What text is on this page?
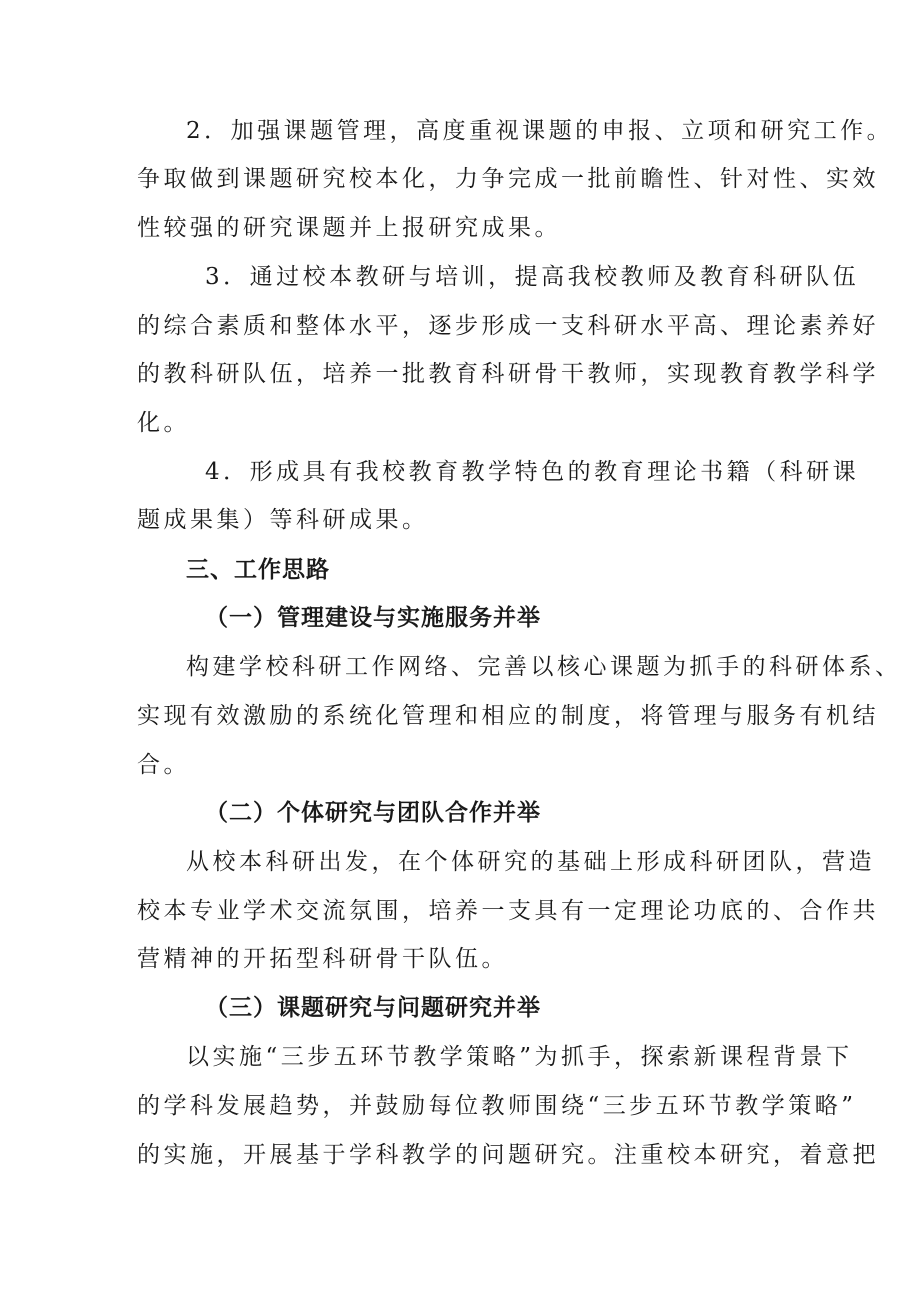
2．加强课题管理，高度重视课题的申报、立项和研究工作。

争取做到课题研究校本化，力争完成一批前瞻性、针对性、实效

性较强的研究课题并上报研究成果。

3．通过校本教研与培训，提高我校教师及教育科研队伍

的综合素质和整体水平，逐步形成一支科研水平高、理论素养好

的教科研队伍，培养一批教育科研骨干教师，实现教育教学科学

化。

4．形成具有我校教育教学特色的教育理论书籍（科研课

题成果集）等科研成果。

三、工作思路

（一）管理建设与实施服务并举

构建学校科研工作网络、完善以核心课题为抓手的科研体系、

实现有效激励的系统化管理和相应的制度，将管理与服务有机结

合。

（二）个体研究与团队合作并举

从校本科研出发，在个体研究的基础上形成科研团队，营造

校本专业学术交流氛围，培养一支具有一定理论功底的、合作共

营精神的开拓型科研骨干队伍。

（三）课题研究与问题研究并举

以实施“三步五环节教学策略”为抓手，探索新课程背景下

的学科发展趋势，并鼓励每位教师围绕“三步五环节教学策略”

的实施，开展基于学科教学的问题研究。注重校本研究，着意把
